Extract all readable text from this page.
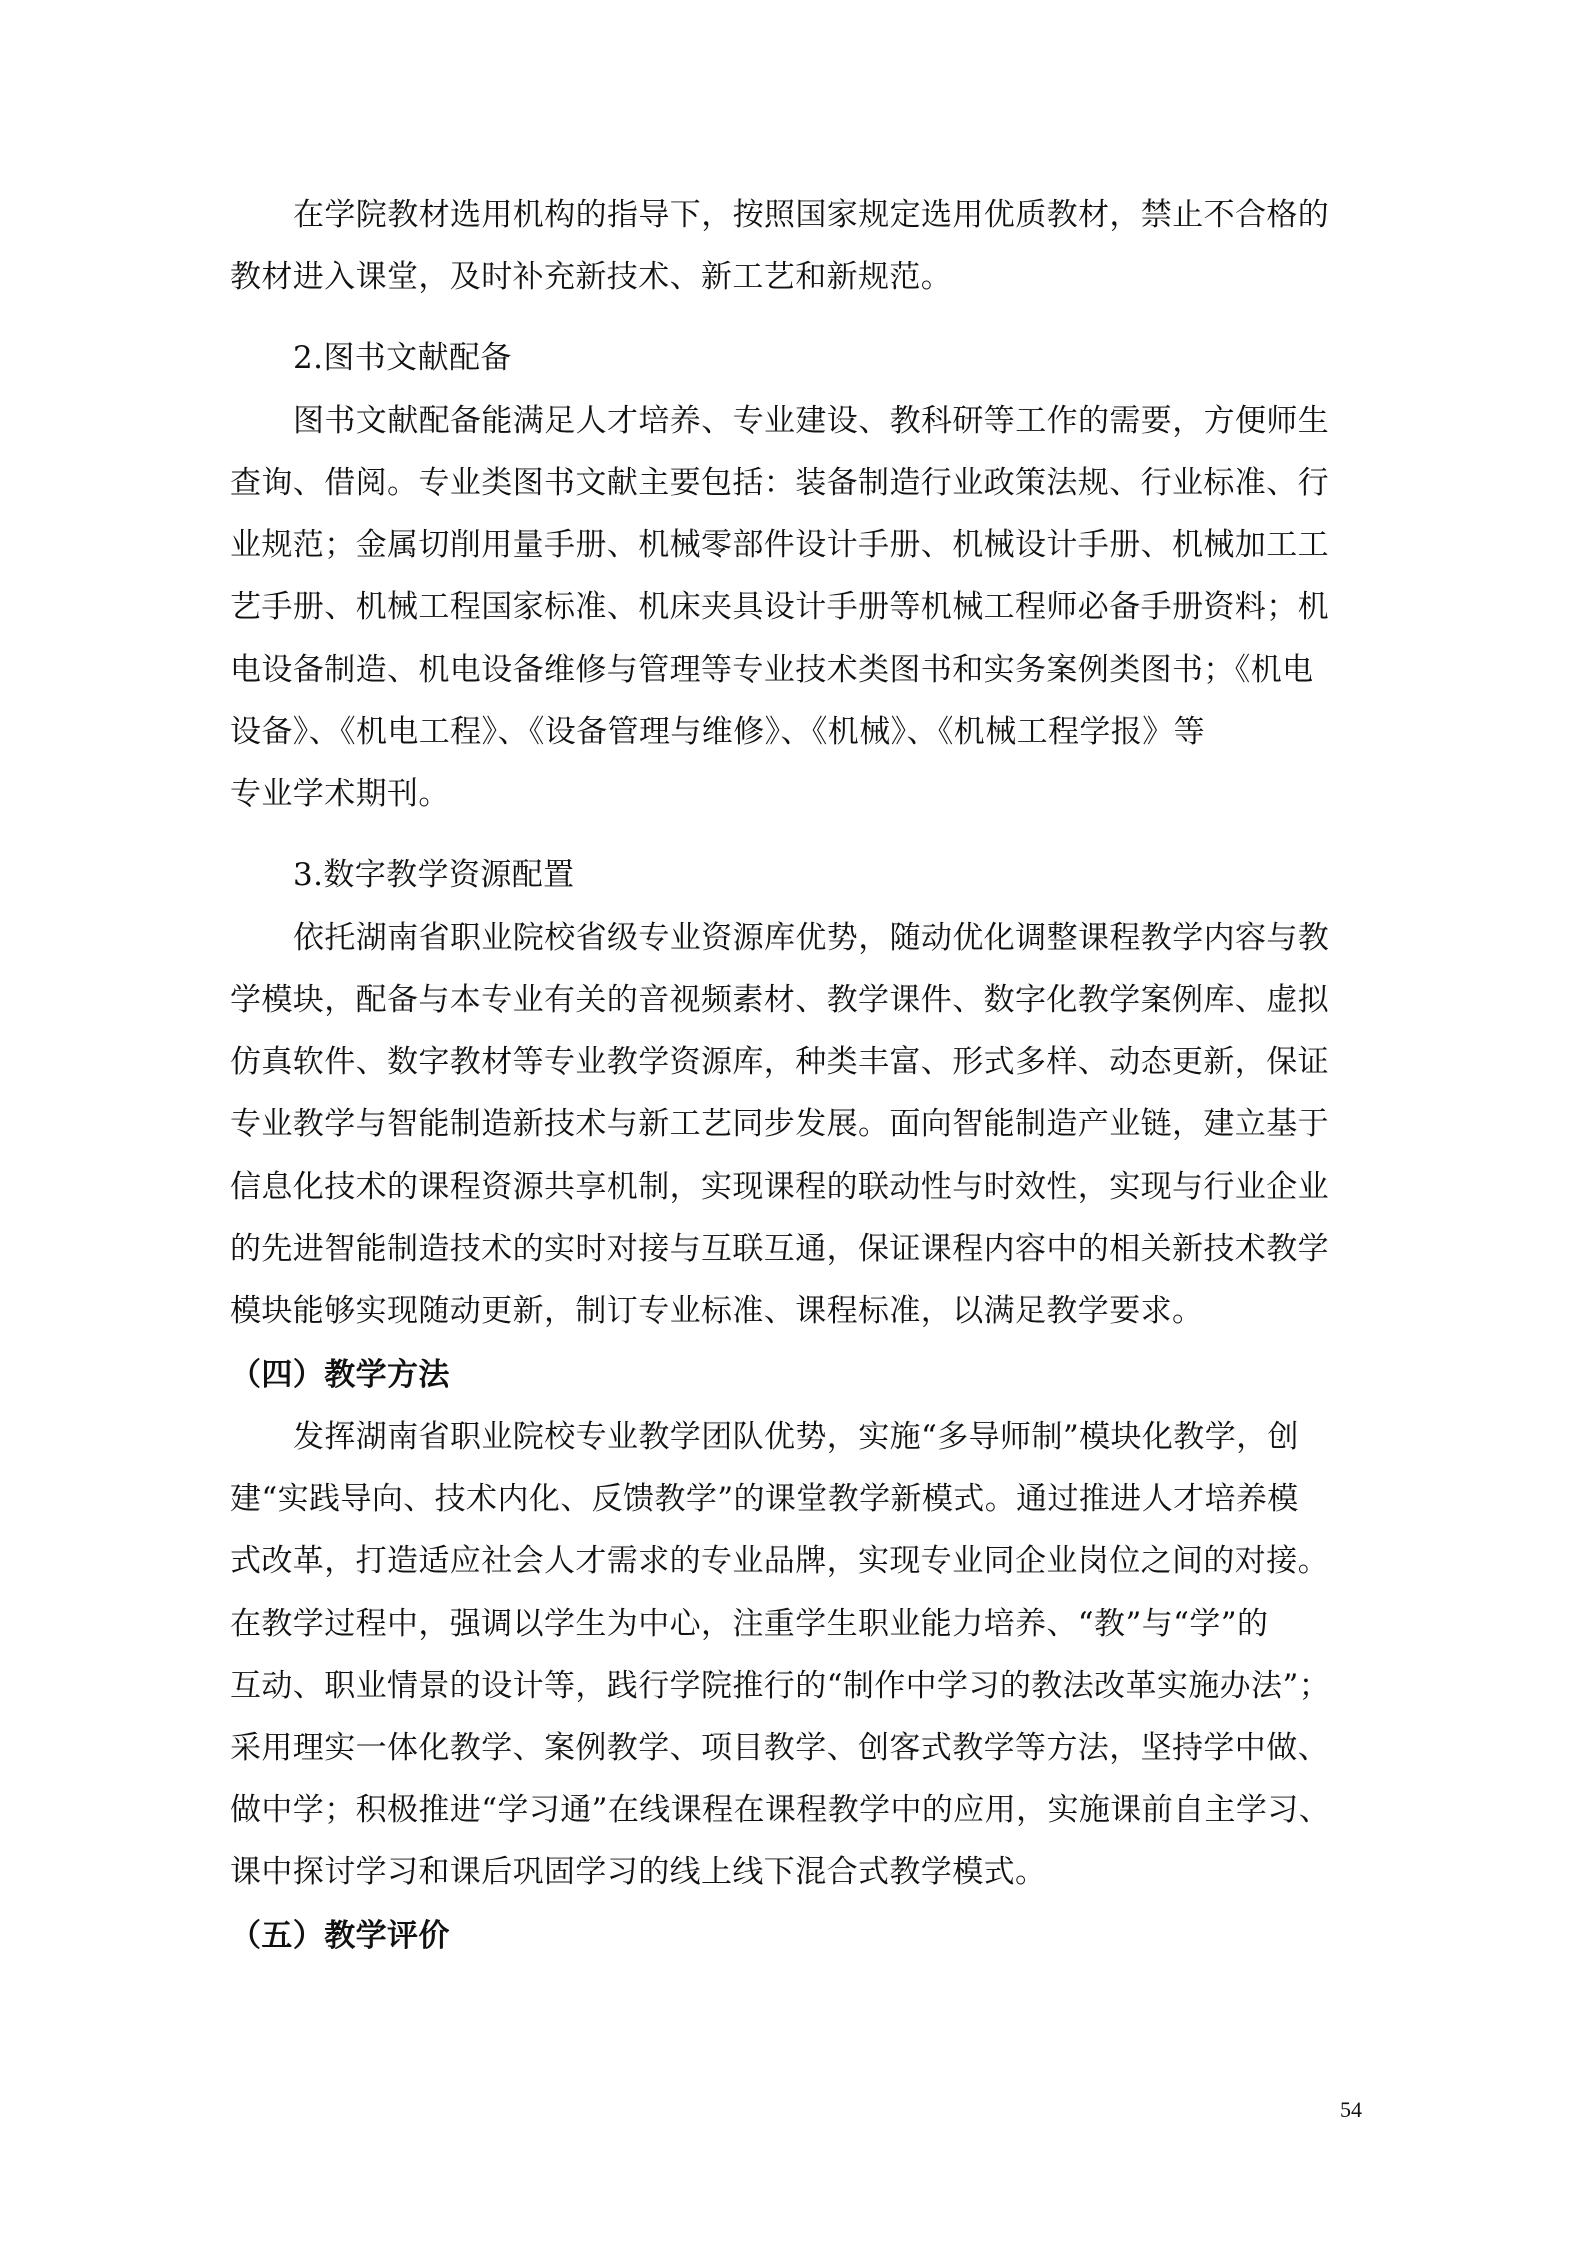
在学院教材选用机构的指导下，按照国家规定选用优质教材，禁止不合格的
教材进入课堂，及时补充新技术、新工艺和新规范。
2.图书文献配备
图书文献配备能满足人才培养、专业建设、教科研等工作的需要，方便师生
查询、借阅。专业类图书文献主要包括：装备制造行业政策法规、行业标准、行
业规范；金属切削用量手册、机械零部件设计手册、机械设计手册、机械加工工
艺手册、机械工程国家标准、机床夹具设计手册等机械工程师必备手册资料；机
电设备制造、机电设备维修与管理等专业技术类图书和实务案例类图书；《机电
设备》、《机电工程》、《设备管理与维修》、《机械》、《机械工程学报》等
专业学术期刊。
3.数字教学资源配置
依托湖南省职业院校省级专业资源库优势，随动优化调整课程教学内容与教
学模块，配备与本专业有关的音视频素材、教学课件、数字化教学案例库、虚拟
仿真软件、数字教材等专业教学资源库，种类丰富、形式多样、动态更新，保证
专业教学与智能制造新技术与新工艺同步发展。面向智能制造产业链，建立基于
信息化技术的课程资源共享机制，实现课程的联动性与时效性，实现与行业企业
的先进智能制造技术的实时对接与互联互通，保证课程内容中的相关新技术教学
模块能够实现随动更新，制订专业标准、课程标准，以满足教学要求。
（四）教学方法
发挥湖南省职业院校专业教学团队优势，实施“多导师制”模块化教学，创
建“实践导向、技术内化、反馈教学”的课堂教学新模式。通过推进人才培养模
式改革，打造适应社会人才需求的专业品牌，实现专业同企业岗位之间的对接。
在教学过程中，强调以学生为中心，注重学生职业能力培养、“教”与“学”的
互动、职业情景的设计等，践行学院推行的“制作中学习的教法改革实施办法”；
采用理实一体化教学、案例教学、项目教学、创客式教学等方法，坚持学中做、
做中学；积极推进“学习通”在线课程在课程教学中的应用，实施课前自主学习、
课中探讨学习和课后巩固学习的线上线下混合式教学模式。
（五）教学评价
54
